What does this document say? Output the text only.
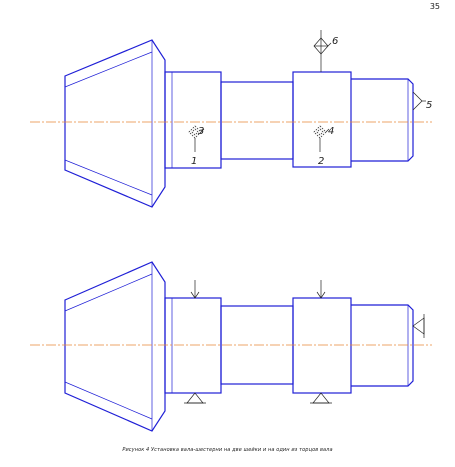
35
3
1
4
2
6
5
Рисунок 4 Установка вала-шестерни на две шейки и на один из торцов вала
